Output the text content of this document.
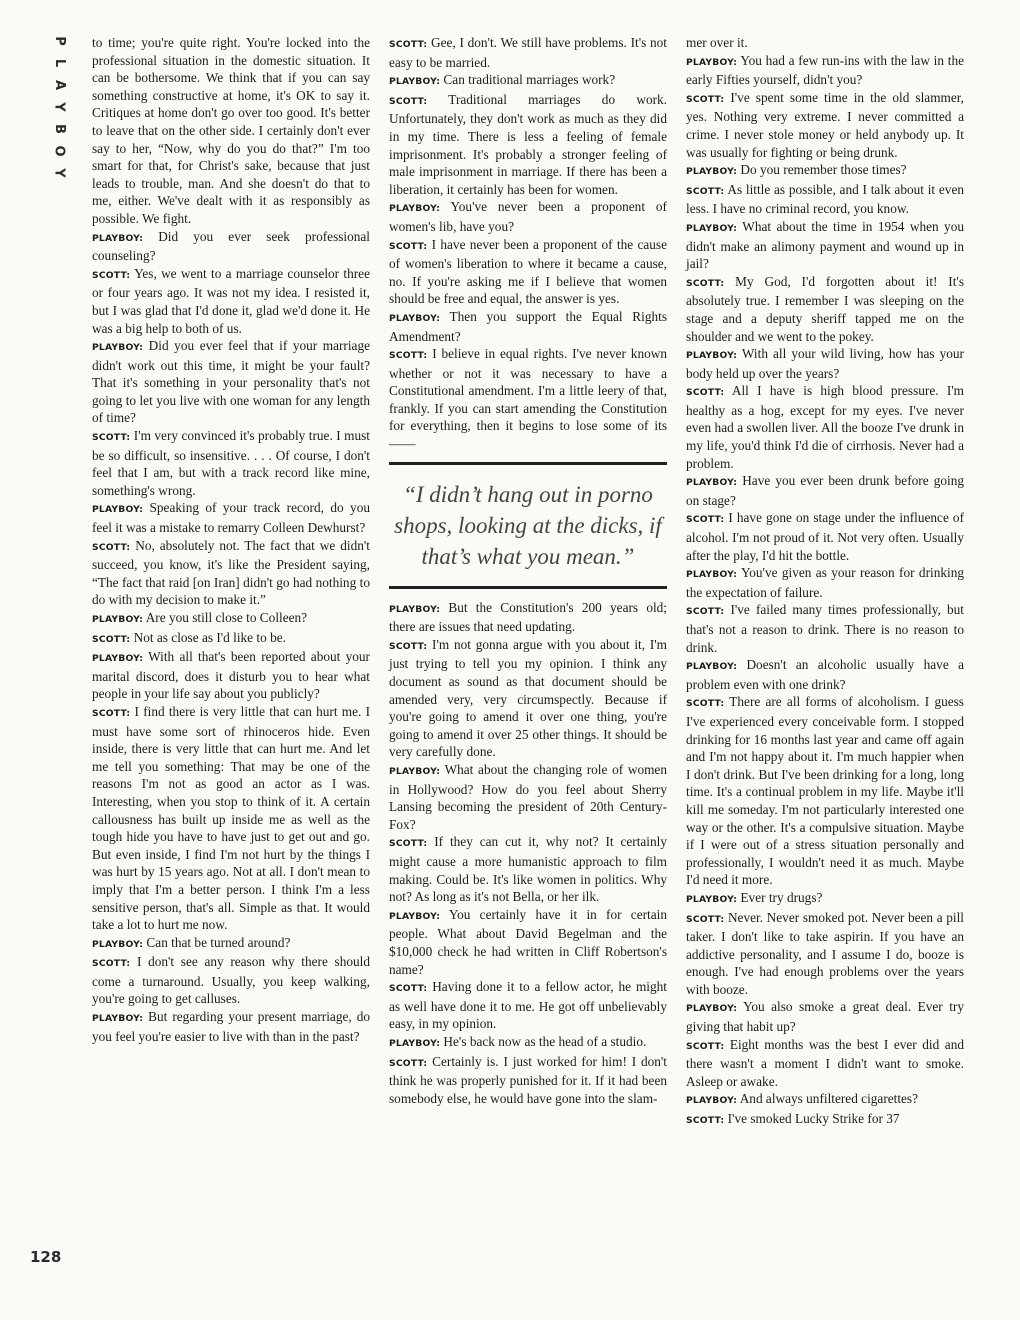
P
L
A
Y
B
O
Y
128

to time; you're quite right. You're locked into the professional situation in the domestic situation. It can be bothersome. We think that if you can say something constructive at home, it's OK to say it. Critiques at home don't go over too good. It's better to leave that on the other side. I certainly don't ever say to her, “Now, why do you do that?” I'm too smart for that, for Christ's sake, because that just leads to trouble, man. And she doesn't do that to me, either. We've dealt with it as responsibly as possible. We fight.

PLAYBOY: Did you ever seek professional counseling?

SCOTT: Yes, we went to a marriage counselor three or four years ago. It was not my idea. I resisted it, but I was glad that I'd done it, glad we'd done it. He was a big help to both of us.

PLAYBOY: Did you ever feel that if your marriage didn't work out this time, it might be your fault? That it's something in your personality that's not going to let you live with one woman for any length of time?

SCOTT: I'm very convinced it's probably true. I must be so difficult, so insensitive. . . . Of course, I don't feel that I am, but with a track record like mine, something's wrong.

PLAYBOY: Speaking of your track record, do you feel it was a mistake to remarry Colleen Dewhurst?

SCOTT: No, absolutely not. The fact that we didn't succeed, you know, it's like the President saying, “The fact that raid [on Iran] didn't go had nothing to do with my decision to make it.”

PLAYBOY: Are you still close to Colleen?

SCOTT: Not as close as I'd like to be.

PLAYBOY: With all that's been reported about your marital discord, does it disturb you to hear what people in your life say about you publicly?

SCOTT: I find there is very little that can hurt me. I must have some sort of rhinoceros hide. Even inside, there is very little that can hurt me. And let me tell you something: That may be one of the reasons I'm not as good an actor as I was. Interesting, when you stop to think of it. A certain callousness has built up inside me as well as the tough hide you have to have just to get out and go. But even inside, I find I'm not hurt by the things I was hurt by 15 years ago. Not at all. I don't mean to imply that I'm a better person. I think I'm a less sensitive person, that's all. Simple as that. It would take a lot to hurt me now.

PLAYBOY: Can that be turned around?

SCOTT: I don't see any reason why there should come a turnaround. Usually, you keep walking, you're going to get calluses.

PLAYBOY: But regarding your present marriage, do you feel you're easier to live with than in the past?

SCOTT: Gee, I don't. We still have problems. It's not easy to be married.

PLAYBOY: Can traditional marriages work?

SCOTT: Traditional marriages do work. Unfortunately, they don't work as much as they did in my time. There is less a feeling of female imprisonment. It's probably a stronger feeling of male imprisonment in marriage. If there has been a liberation, it certainly has been for women.

PLAYBOY: You've never been a proponent of women's lib, have you?

SCOTT: I have never been a proponent of the cause of women's liberation to where it became a cause, no. If you're asking me if I believe that women should be free and equal, the answer is yes.

PLAYBOY: Then you support the Equal Rights Amendment?

SCOTT: I believe in equal rights. I've never known whether or not it was necessary to have a Constitutional amendment. I'm a little leery of that, frankly. If you can start amending the Constitution for everything, then it begins to lose some of its——

“I didn’t hang out in porno shops, looking at the dicks, if that’s what you mean.”

PLAYBOY: But the Constitution's 200 years old; there are issues that need updating.

SCOTT: I'm not gonna argue with you about it, I'm just trying to tell you my opinion. I think any document as sound as that document should be amended very, very circumspectly. Because if you're going to amend it over one thing, you're going to amend it over 25 other things. It should be very carefully done.

PLAYBOY: What about the changing role of women in Hollywood? How do you feel about Sherry Lansing becoming the president of 20th Century-Fox?

SCOTT: If they can cut it, why not? It certainly might cause a more humanistic approach to film making. Could be. It's like women in politics. Why not? As long as it's not Bella, or her ilk.

PLAYBOY: You certainly have it in for certain people. What about David Begelman and the $10,000 check he had written in Cliff Robertson's name?

SCOTT: Having done it to a fellow actor, he might as well have done it to me. He got off unbelievably easy, in my opinion.

PLAYBOY: He's back now as the head of a studio.

SCOTT: Certainly is. I just worked for him! I don't think he was properly punished for it. If it had been somebody else, he would have gone into the slam-

mer over it.

PLAYBOY: You had a few run-ins with the law in the early Fifties yourself, didn't you?

SCOTT: I've spent some time in the old slammer, yes. Nothing very extreme. I never committed a crime. I never stole money or held anybody up. It was usually for fighting or being drunk.

PLAYBOY: Do you remember those times?

SCOTT: As little as possible, and I talk about it even less. I have no criminal record, you know.

PLAYBOY: What about the time in 1954 when you didn't make an alimony payment and wound up in jail?

SCOTT: My God, I'd forgotten about it! It's absolutely true. I remember I was sleeping on the stage and a deputy sheriff tapped me on the shoulder and we went to the pokey.

PLAYBOY: With all your wild living, how has your body held up over the years?

SCOTT: All I have is high blood pressure. I'm healthy as a hog, except for my eyes. I've never even had a swollen liver. All the booze I've drunk in my life, you'd think I'd die of cirrhosis. Never had a problem.

PLAYBOY: Have you ever been drunk before going on stage?

SCOTT: I have gone on stage under the influence of alcohol. I'm not proud of it. Not very often. Usually after the play, I'd hit the bottle.

PLAYBOY: You've given as your reason for drinking the expectation of failure.

SCOTT: I've failed many times professionally, but that's not a reason to drink. There is no reason to drink.

PLAYBOY: Doesn't an alcoholic usually have a problem even with one drink?

SCOTT: There are all forms of alcoholism. I guess I've experienced every conceivable form. I stopped drinking for 16 months last year and came off again and I'm not happy about it. I'm much happier when I don't drink. But I've been drinking for a long, long time. It's a continual problem in my life. Maybe it'll kill me someday. I'm not particularly interested one way or the other. It's a compulsive situation. Maybe if I were out of a stress situation personally and professionally, I wouldn't need it as much. Maybe I'd need it more.

PLAYBOY: Ever try drugs?

SCOTT: Never. Never smoked pot. Never been a pill taker. I don't like to take aspirin. If you have an addictive personality, and I assume I do, booze is enough. I've had enough problems over the years with booze.

PLAYBOY: You also smoke a great deal. Ever try giving that habit up?

SCOTT: Eight months was the best I ever did and there wasn't a moment I didn't want to smoke. Asleep or awake.

PLAYBOY: And always unfiltered cigarettes?

SCOTT: I've smoked Lucky Strike for 37
